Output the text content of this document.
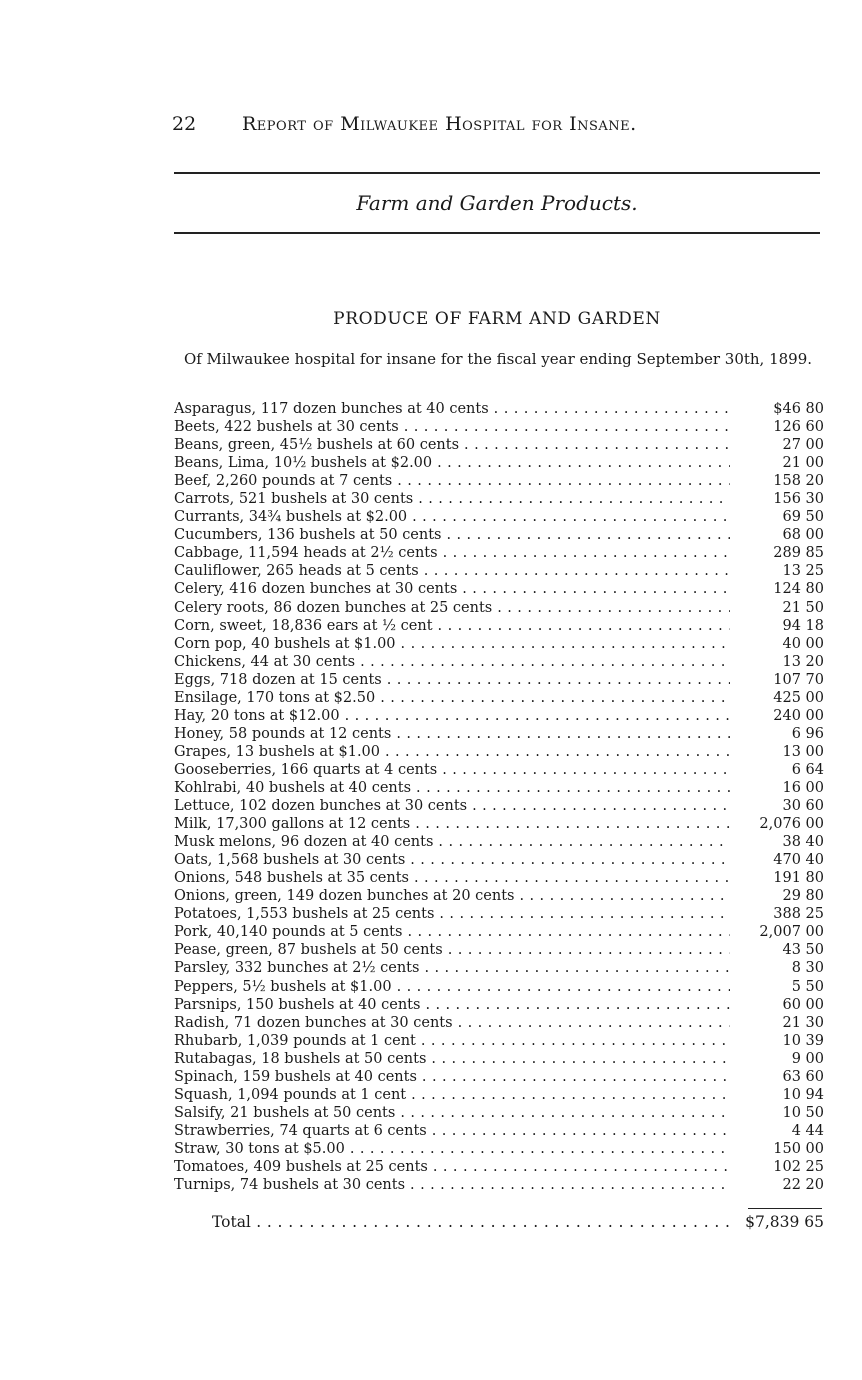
22 Report of Milwaukee Hospital for Insane.
Farm and Garden Products.
PRODUCE OF FARM AND GARDEN
Of Milwaukee hospital for insane for the fiscal year ending September 30th, 1899.
Asparagus, 117 dozen bunches at 40 cents . . .	$46 80
Beets, 422 bushels at 30 cents . . .	126 60
Beans, green, 45½ bushels at 60 cents . . .	27 00
Beans, Lima, 10½ bushels at $2.00 . . .	21 00
Beef, 2,260 pounds at 7 cents . . .	158 20
Carrots, 521 bushels at 30 cents . . .	156 30
Currants, 34¾ bushels at $2.00 . . .	69 50
Cucumbers, 136 bushels at 50 cents . . .	68 00
Cabbage, 11,594 heads at 2½ cents . . .	289 85
Cauliflower, 265 heads at 5 cents . . .	13 25
Celery, 416 dozen bunches at 30 cents . . .	124 80
Celery roots, 86 dozen bunches at 25 cents . . .	21 50
Corn, sweet, 18,836 ears at ½ cent . . .	94 18
Corn pop, 40 bushels at $1.00 . . .	40 00
Chickens, 44 at 30 cents . . .	13 20
Eggs, 718 dozen at 15 cents . . .	107 70
Ensilage, 170 tons at $2.50 . . .	425 00
Hay, 20 tons at $12.00 . . .	240 00
Honey, 58 pounds at 12 cents . . .	6 96
Grapes, 13 bushels at $1.00 . . .	13 00
Gooseberries, 166 quarts at 4 cents . . .	6 64
Kohlrabi, 40 bushels at 40 cents . . .	16 00
Lettuce, 102 dozen bunches at 30 cents . . .	30 60
Milk, 17,300 gallons at 12 cents . . .	2,076 00
Musk melons, 96 dozen at 40 cents . . .	38 40
Oats, 1,568 bushels at 30 cents . . .	470 40
Onions, 548 bushels at 35 cents . . .	191 80
Onions, green, 149 dozen bunches at 20 cents . . .	29 80
Potatoes, 1,553 bushels at 25 cents . . .	388 25
Pork, 40,140 pounds at 5 cents . . .	2,007 00
Pease, green, 87 bushels at 50 cents . . .	43 50
Parsley, 332 bunches at 2½ cents . . .	8 30
Peppers, 5½ bushels at $1.00 . . .	5 50
Parsnips, 150 bushels at 40 cents . . .	60 00
Radish, 71 dozen bunches at 30 cents . . .	21 30
Rhubarb, 1,039 pounds at 1 cent . . .	10 39
Rutabagas, 18 bushels at 50 cents . . .	9 00
Spinach, 159 bushels at 40 cents . . .	63 60
Squash, 1,094 pounds at 1 cent . . .	10 94
Salsify, 21 bushels at 50 cents . . .	10 50
Strawberries, 74 quarts at 6 cents . . .	4 44
Straw, 30 tons at $5.00 . . .	150 00
Tomatoes, 409 bushels at 25 cents . . .	102 25
Turnips, 74 bushels at 30 cents . . .	22 20
Total . . .	$7,839 65
